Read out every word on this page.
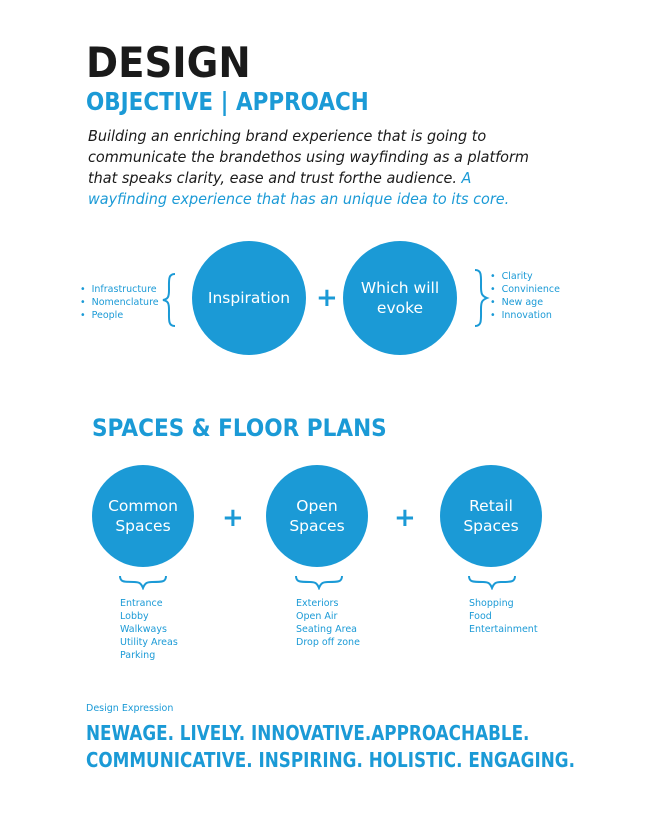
DESIGN
OBJECTIVE | APPROACH
Building an enriching brand experience that is going to communicate the brandethos using wayfinding as a platform that speaks clarity, ease and trust forthe audience. A wayfinding experience that has an unique idea to its core.
• Infrastructure
• Nomenclature
• People
Inspiration + Which will
evoke
• Clarity
• Convinience
• New age
• Innovation
SPACES & FLOOR PLANS
Common
Spaces +	Open
Spaces +	Retail
Spaces
Entrance
Lobby
Walkways
Utility Areas
Parking
Exteriors
Open Air
Seating Area
Drop off zone
Shopping
Food
Entertainment
Design Expression
NEWAGE. LIVELY. INNOVATIVE.APPROACHABLE.
COMMUNICATIVE. INSPIRING. HOLISTIC. ENGAGING.
